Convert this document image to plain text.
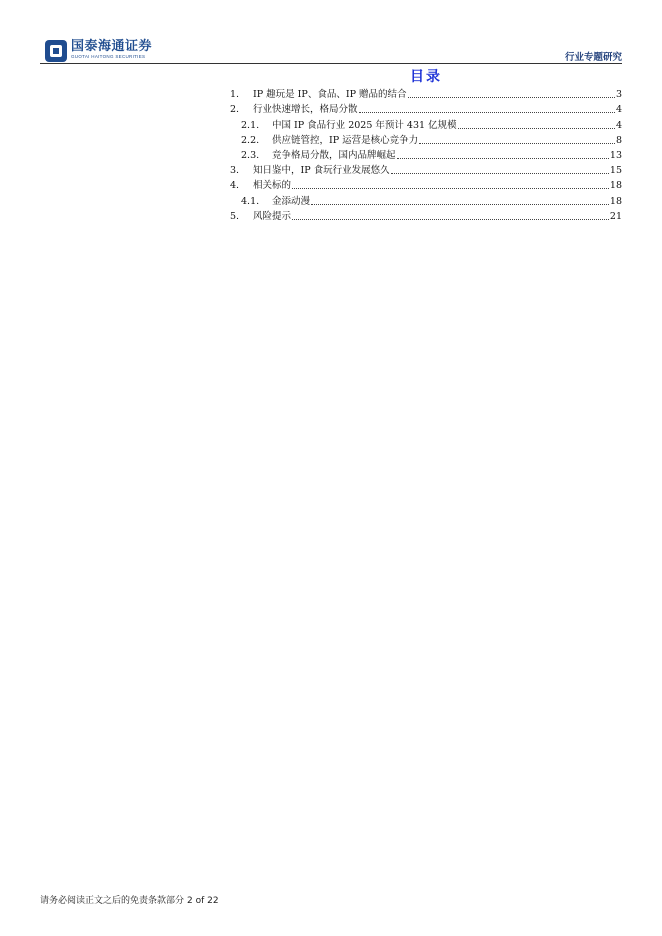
国泰海通证券
GUOTAI HAITONG SECURITIES	行业专题研究
目录
1.	IP 趣玩是 IP、食品、IP 赠品的结合	3
2.	行业快速增长，格局分散	4
2.1.	中国 IP 食品行业 2025 年预计 431 亿规模	4
2.2.	供应链管控，IP 运营是核心竞争力	8
2.3.	竞争格局分散，国内品牌崛起	13
3.	知日鉴中，IP 食玩行业发展悠久	15
4.	相关标的	18
4.1.	金添动漫	18
5.	风险提示	21
请务必阅读正文之后的免责条款部分 2 of 22
